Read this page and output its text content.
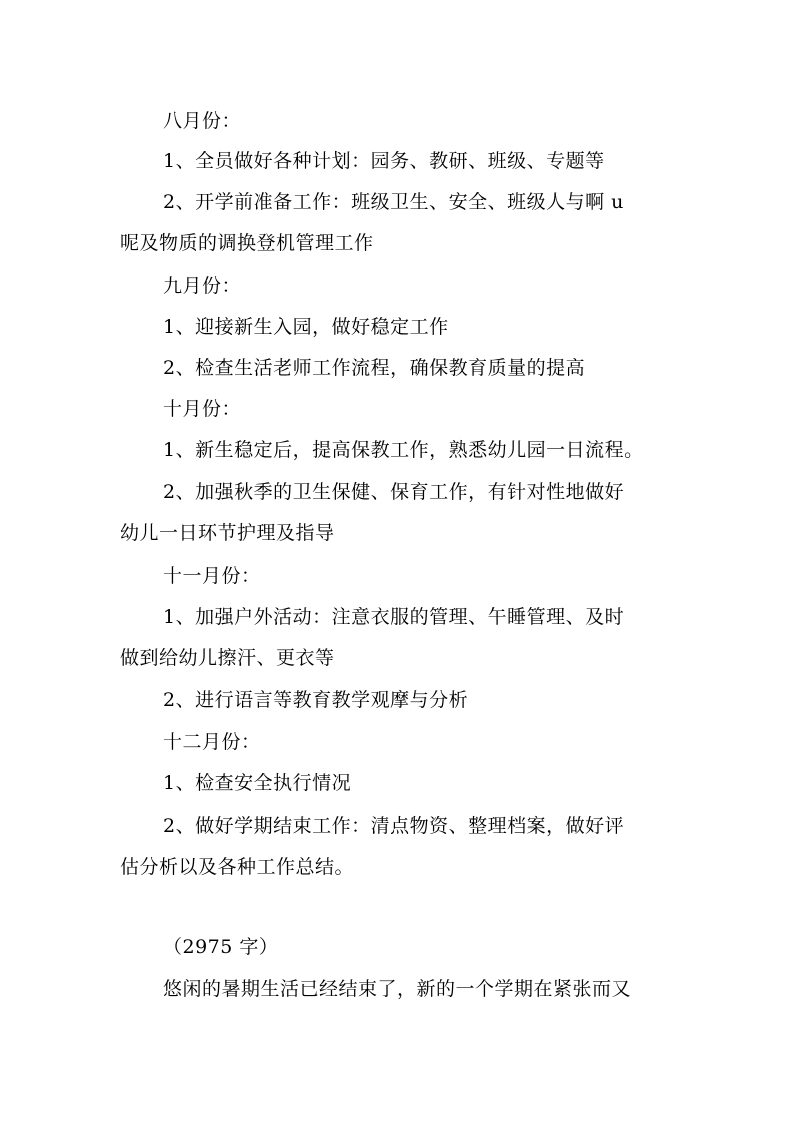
八月份：
1、全员做好各种计划：园务、教研、班级、专题等
2、开学前准备工作：班级卫生、安全、班级人与啊 u
呢及物质的调换登机管理工作
九月份：
1、迎接新生入园，做好稳定工作
2、检查生活老师工作流程，确保教育质量的提高
十月份：
1、新生稳定后，提高保教工作，熟悉幼儿园一日流程。
2、加强秋季的卫生保健、保育工作，有针对性地做好
幼儿一日环节护理及指导
十一月份：
1、加强户外活动：注意衣服的管理、午睡管理、及时
做到给幼儿擦汗、更衣等
2、进行语言等教育教学观摩与分析
十二月份：
1、检查安全执行情况
2、做好学期结束工作：清点物资、整理档案，做好评
估分析以及各种工作总结。
（2975 字）
悠闲的暑期生活已经结束了，新的一个学期在紧张而又
